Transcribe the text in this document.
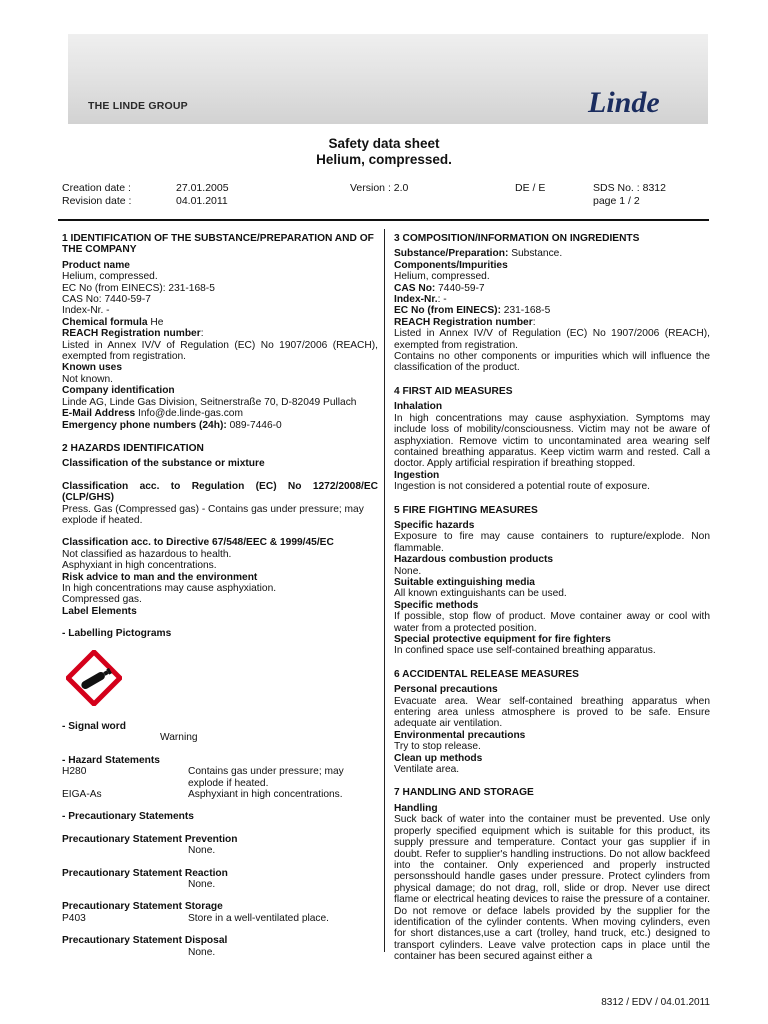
THE LINDE GROUP	Linde
Safety data sheet
Helium, compressed.
Creation date :	27.01.2005	Version : 2.0	DE / E	SDS No. : 8312
Revision date :	04.01.2011	page 1 / 2
1 IDENTIFICATION OF THE SUBSTANCE/PREPARATION AND OF THE COMPANY
Product name
Helium, compressed.
EC No (from EINECS): 231-168-5
CAS No: 7440-59-7
Index-Nr. -
Chemical formula He
REACH Registration number:
Listed in Annex IV/V of Regulation (EC) No 1907/2006 (REACH), exempted from registration.
Known uses
Not known.
Company identification
Linde AG, Linde Gas Division, Seitnerstraße 70, D-82049 Pullach
E-Mail Address Info@de.linde-gas.com
Emergency phone numbers (24h): 089-7446-0
2 HAZARDS IDENTIFICATION
Classification of the substance or mixture
Classification acc. to Regulation (EC) No 1272/2008/EC (CLP/GHS)
Press. Gas (Compressed gas) - Contains gas under pressure; may explode if heated.
Classification acc. to Directive 67/548/EEC & 1999/45/EC
Not classified as hazardous to health.
Asphyxiant in high concentrations.
Risk advice to man and the environment
In high concentrations may cause asphyxiation.
Compressed gas.
Label Elements
- Labelling Pictograms
- Signal word
Warning
- Hazard Statements
H280	Contains gas under pressure; may explode if heated.
EIGA-As	Asphyxiant in high concentrations.
- Precautionary Statements
Precautionary Statement Prevention
None.
Precautionary Statement Reaction
None.
Precautionary Statement Storage
P403	Store in a well-ventilated place.
Precautionary Statement Disposal
None.
3 COMPOSITION/INFORMATION ON INGREDIENTS
Substance/Preparation: Substance.
Components/Impurities
Helium, compressed.
CAS No: 7440-59-7
Index-Nr.: -
EC No (from EINECS): 231-168-5
REACH Registration number:
Listed in Annex IV/V of Regulation (EC) No 1907/2006 (REACH), exempted from registration.
Contains no other components or impurities which will influence the classification of the product.
4 FIRST AID MEASURES
Inhalation
In high concentrations may cause asphyxiation. Symptoms may include loss of mobility/consciousness. Victim may not be aware of asphyxiation. Remove victim to uncontaminated area wearing self contained breathing apparatus. Keep victim warm and rested. Call a doctor. Apply artificial respiration if breathing stopped.
Ingestion
Ingestion is not considered a potential route of exposure.
5 FIRE FIGHTING MEASURES
Specific hazards
Exposure to fire may cause containers to rupture/explode. Non flammable.
Hazardous combustion products
None.
Suitable extinguishing media
All known extinguishants can be used.
Specific methods
If possible, stop flow of product. Move container away or cool with water from a protected position.
Special protective equipment for fire fighters
In confined space use self-contained breathing apparatus.
6 ACCIDENTAL RELEASE MEASURES
Personal precautions
Evacuate area. Wear self-contained breathing apparatus when entering area unless atmosphere is proved to be safe. Ensure adequate air ventilation.
Environmental precautions
Try to stop release.
Clean up methods
Ventilate area.
7 HANDLING AND STORAGE
Handling
Suck back of water into the container must be prevented. Use only properly specified equipment which is suitable for this product, its supply pressure and temperature. Contact your gas supplier if in doubt. Refer to supplier's handling instructions. Do not allow backfeed into the container. Only experienced and properly instructed personsshould handle gases under pressure. Protect cylinders from physical damage; do not drag, roll, slide or drop. Never use direct flame or electrical heating devices to raise the pressure of a container. Do not remove or deface labels provided by the supplier for the identification of the cylinder contents. When moving cylinders, even for short distances,use a cart (trolley, hand truck, etc.) designed to transport cylinders. Leave valve protection caps in place until the container has been secured against either a
8312 / EDV / 04.01.2011
